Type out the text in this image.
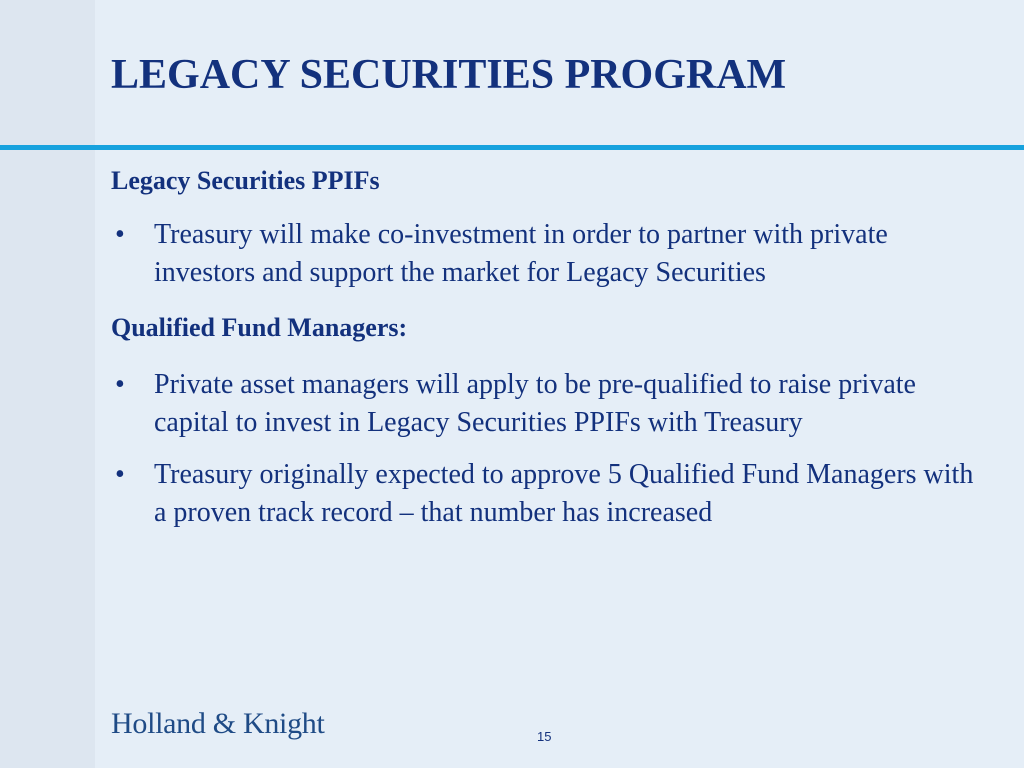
LEGACY SECURITIES PROGRAM
Legacy Securities PPIFs
• Treasury will make co-investment in order to partner with private investors and support the market for Legacy Securities
Qualified Fund Managers:
• Private asset managers will apply to be pre-qualified to raise private capital to invest in Legacy Securities PPIFs with Treasury
• Treasury originally expected to approve 5 Qualified Fund Managers with a proven track record – that number has increased
Holland & Knight	15
